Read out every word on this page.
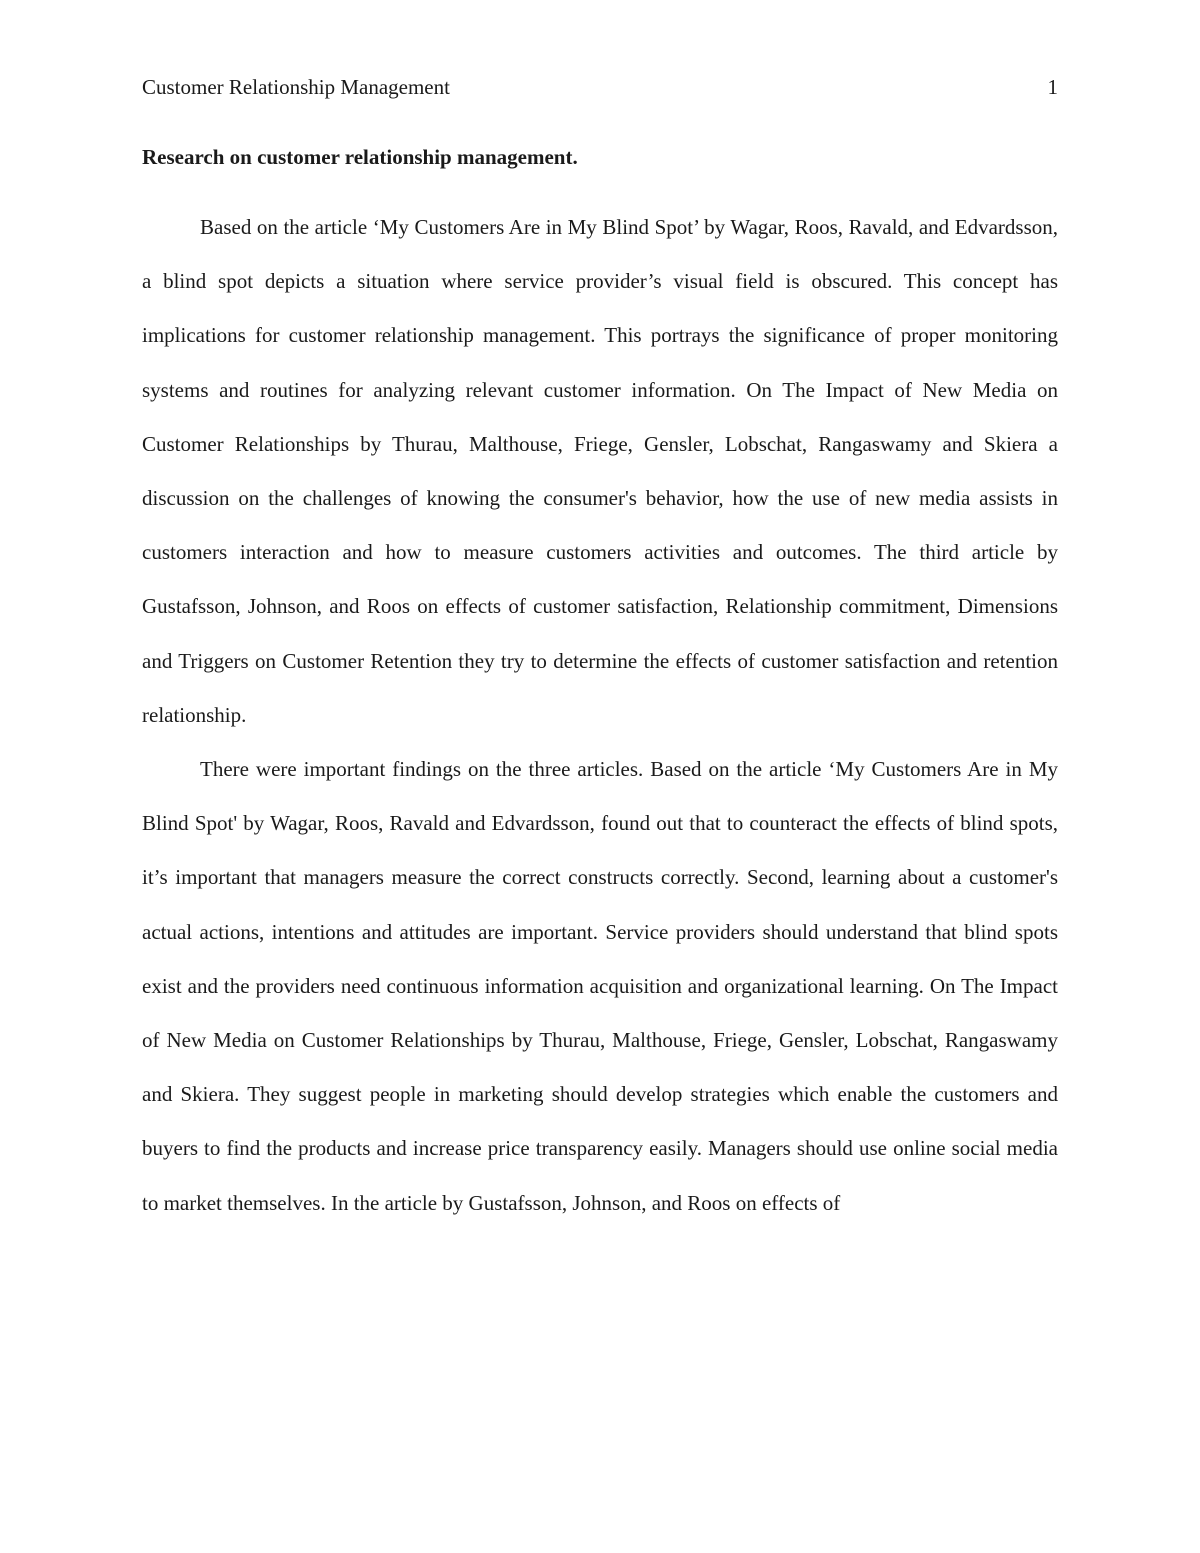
Customer Relationship Management	1
Research on customer relationship management.

Based on the article ‘My Customers Are in My Blind Spot’ by Wagar, Roos, Ravald, and Edvardsson, a blind spot depicts a situation where service provider’s visual field is obscured. This concept has implications for customer relationship management. This portrays the significance of proper monitoring systems and routines for analyzing relevant customer information. On The Impact of New Media on Customer Relationships by Thurau, Malthouse, Friege, Gensler, Lobschat, Rangaswamy and Skiera a discussion on the challenges of knowing the consumer's behavior, how the use of new media assists in customers interaction and how to measure customers activities and outcomes. The third article by Gustafsson, Johnson, and Roos on effects of customer satisfaction, Relationship commitment, Dimensions and Triggers on Customer Retention they try to determine the effects of customer satisfaction and retention relationship.

There were important findings on the three articles. Based on the article ‘My Customers Are in My Blind Spot' by Wagar, Roos, Ravald and Edvardsson, found out that to counteract the effects of blind spots, it’s important that managers measure the correct constructs correctly. Second, learning about a customer's actual actions, intentions and attitudes are important. Service providers should understand that blind spots exist and the providers need continuous information acquisition and organizational learning. On The Impact of New Media on Customer Relationships by Thurau, Malthouse, Friege, Gensler, Lobschat, Rangaswamy and Skiera. They suggest people in marketing should develop strategies which enable the customers and buyers to find the products and increase price transparency easily. Managers should use online social media to market themselves. In the article by Gustafsson, Johnson, and Roos on effects of
